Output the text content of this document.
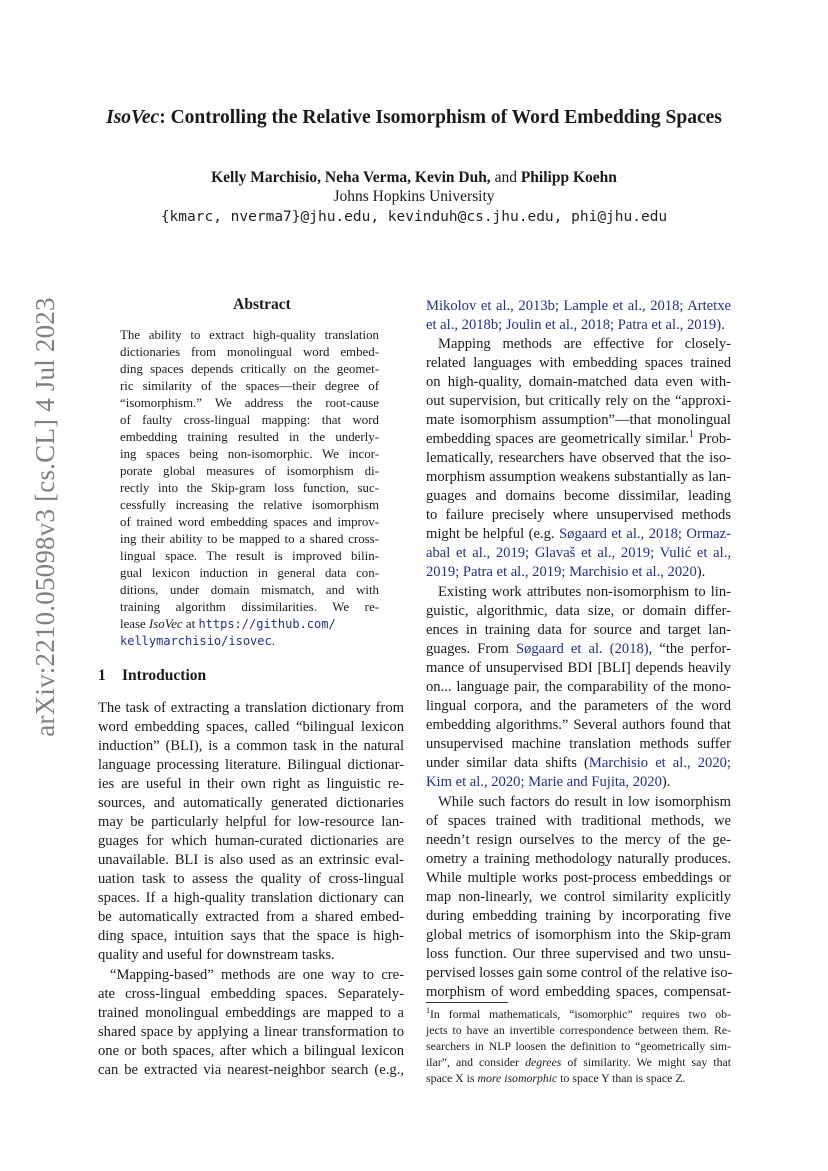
arXiv:2210.05098v3 [cs.CL] 4 Jul 2023
IsoVec: Controlling the Relative Isomorphism of Word Embedding Spaces
Kelly Marchisio, Neha Verma, Kevin Duh, and Philipp Koehn
Johns Hopkins University
{kmarc, nverma7}@jhu.edu, kevinduh@cs.jhu.edu, phi@jhu.edu
Abstract
The ability to extract high-quality translation
dictionaries from monolingual word embed-
ding spaces depends critically on the geomet-
ric similarity of the spaces—their degree of
“isomorphism.” We address the root-cause
of faulty cross-lingual mapping: that word
embedding training resulted in the underly-
ing spaces being non-isomorphic. We incor-
porate global measures of isomorphism di-
rectly into the Skip-gram loss function, suc-
cessfully increasing the relative isomorphism
of trained word embedding spaces and improv-
ing their ability to be mapped to a shared cross-
lingual space. The result is improved bilin-
gual lexicon induction in general data con-
ditions, under domain mismatch, and with
training algorithm dissimilarities. We re-
lease IsoVec at https://github.com/
kellymarchisio/isovec.
1 Introduction
The task of extracting a translation dictionary from
word embedding spaces, called “bilingual lexicon
induction” (BLI), is a common task in the natural
language processing literature. Bilingual dictionar-
ies are useful in their own right as linguistic re-
sources, and automatically generated dictionaries
may be particularly helpful for low-resource lan-
guages for which human-curated dictionaries are
unavailable. BLI is also used as an extrinsic eval-
uation task to assess the quality of cross-lingual
spaces. If a high-quality translation dictionary can
be automatically extracted from a shared embed-
ding space, intuition says that the space is high-
quality and useful for downstream tasks.
“Mapping-based” methods are one way to cre-
ate cross-lingual embedding spaces. Separately-
trained monolingual embeddings are mapped to a
shared space by applying a linear transformation to
one or both spaces, after which a bilingual lexicon
can be extracted via nearest-neighbor search (e.g.,
Mikolov et al., 2013b; Lample et al., 2018; Artetxe
et al., 2018b; Joulin et al., 2018; Patra et al., 2019).
Mapping methods are effective for closely-
related languages with embedding spaces trained
on high-quality, domain-matched data even with-
out supervision, but critically rely on the “approxi-
mate isomorphism assumption”—that monolingual
embedding spaces are geometrically similar.$^1$ Prob-
lematically, researchers have observed that the iso-
morphism assumption weakens substantially as lan-
guages and domains become dissimilar, leading
to failure precisely where unsupervised methods
might be helpful (e.g. Søgaard et al., 2018; Ormaz-
abal et al., 2019; Glavaš et al., 2019; Vulić et al.,
2019; Patra et al., 2019; Marchisio et al., 2020).
Existing work attributes non-isomorphism to lin-
guistic, algorithmic, data size, or domain differ-
ences in training data for source and target lan-
guages. From Søgaard et al. (2018), “the perfor-
mance of unsupervised BDI [BLI] depends heavily
on... language pair, the comparability of the mono-
lingual corpora, and the parameters of the word
embedding algorithms.” Several authors found that
unsupervised machine translation methods suffer
under similar data shifts (Marchisio et al., 2020;
Kim et al., 2020; Marie and Fujita, 2020).
While such factors do result in low isomorphism
of spaces trained with traditional methods, we
needn’t resign ourselves to the mercy of the ge-
ometry a training methodology naturally produces.
While multiple works post-process embeddings or
map non-linearly, we control similarity explicitly
during embedding training by incorporating five
global metrics of isomorphism into the Skip-gram
loss function. Our three supervised and two unsu-
pervised losses gain some control of the relative iso-
morphism of word embedding spaces, compensat-
$^1$In formal mathematicals, “isomorphic” requires two ob-
jects to have an invertible correspondence between them. Re-
searchers in NLP loosen the definition to “geometrically sim-
ilar”, and consider degrees of similarity. We might say that
space X is more isomorphic to space Y than is space Z.
